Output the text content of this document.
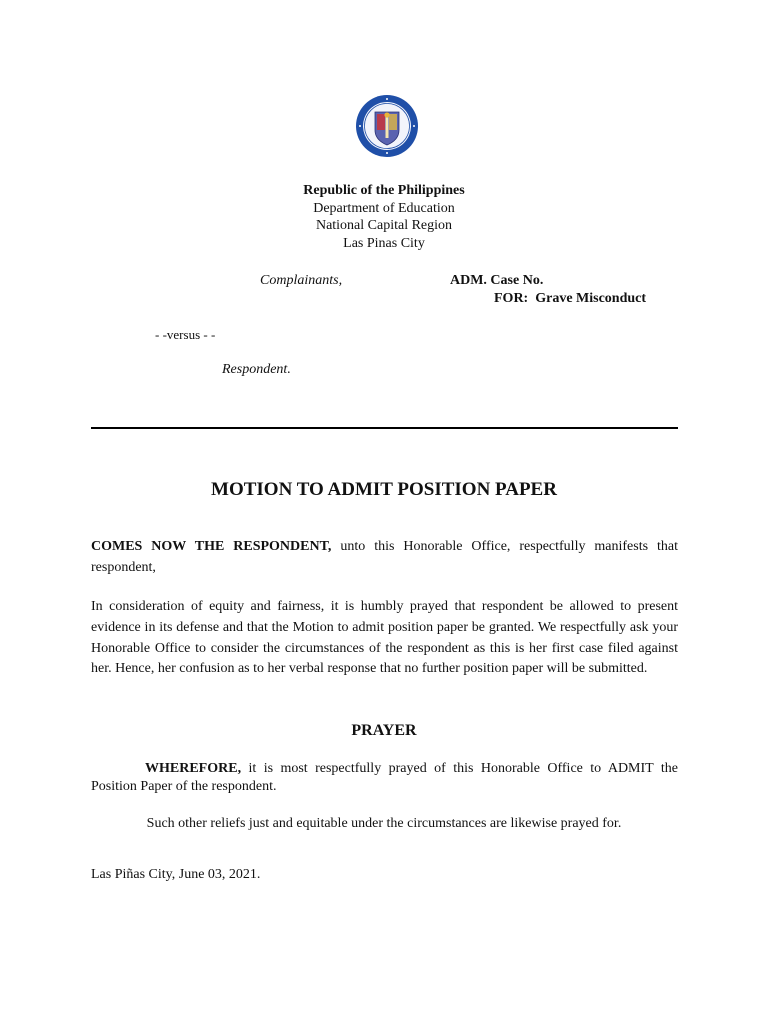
Republic of the Philippines
Department of Education
National Capital Region
Las Pinas City
Complainants,	ADM. Case No.
FOR:  Grave Misconduct
- -versus - -
Respondent.
MOTION TO ADMIT POSITION PAPER
COMES NOW THE RESPONDENT, unto this Honorable Office, respectfully manifests that respondent,
In consideration of equity and fairness, it is humbly prayed that respondent be allowed to present evidence in its defense and that the Motion to admit position paper be granted. We respectfully ask your Honorable Office to consider the circumstances of the respondent as this is her first case filed against her. Hence, her confusion as to her verbal response that no further position paper will be submitted.
PRAYER
WHEREFORE, it is most respectfully prayed of this Honorable Office to ADMIT the Position Paper of the respondent.
Such other reliefs just and equitable under the circumstances are likewise prayed for.
Las Piñas City, June 03, 2021.
